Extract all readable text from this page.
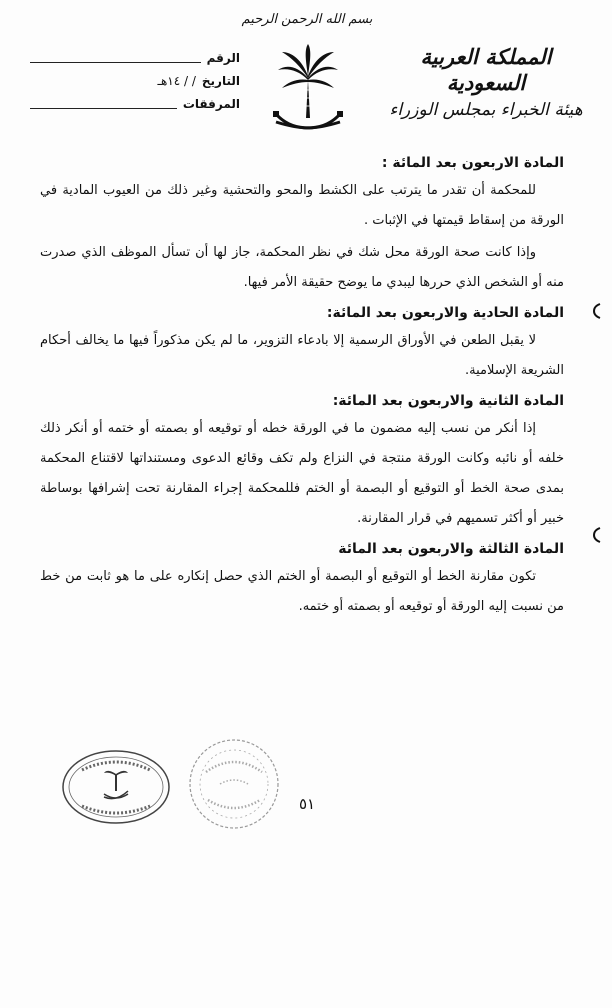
بسم الله الرحمن الرحيم
المملكة العربية السعودية
هيئة الخبراء بمجلس الوزراء
الرقم
التاريخ
/ / ١٤هـ
المرفقات
المادة الاربعون بعد المائة :

للمحكمة أن تقدر ما يترتب على الكشط والمحو والتحشية وغير ذلك من العيوب المادية في الورقة من إسقاط قيمتها في الإثبات .

وإذا كانت صحة الورقة محل شك في نظر المحكمة، جاز لها أن تسأل الموظف الذي صدرت منه أو الشخص الذي حررها ليبدي ما يوضح حقيقة الأمر فيها.

المادة الحادية والاربعون بعد المائة:

لا يقبل الطعن في الأوراق الرسمية إلا بادعاء التزوير، ما لم يكن مذكوراً فيها ما يخالف أحكام الشريعة الإسلامية.

المادة الثانية والاربعون بعد المائة:

إذا أنكر من نسب إليه مضمون ما في الورقة خطه أو توقيعه أو بصمته أو ختمه أو أنكر ذلك خلفه أو نائبه وكانت الورقة منتجة في النزاع ولم تكف وقائع الدعوى ومستنداتها لاقتناع المحكمة بمدى صحة الخط أو التوقيع أو البصمة أو الختم فللمحكمة إجراء المقارنة تحت إشرافها بوساطة خبير أو أكثر تسميهم في قرار المقارنة.

المادة الثالثة والاربعون بعد المائة

تكون مقارنة الخط أو التوقيع أو البصمة أو الختم الذي حصل إنكاره على ما هو ثابت من خط من نسبت إليه الورقة أو توقيعه أو بصمته أو ختمه.

٥١
